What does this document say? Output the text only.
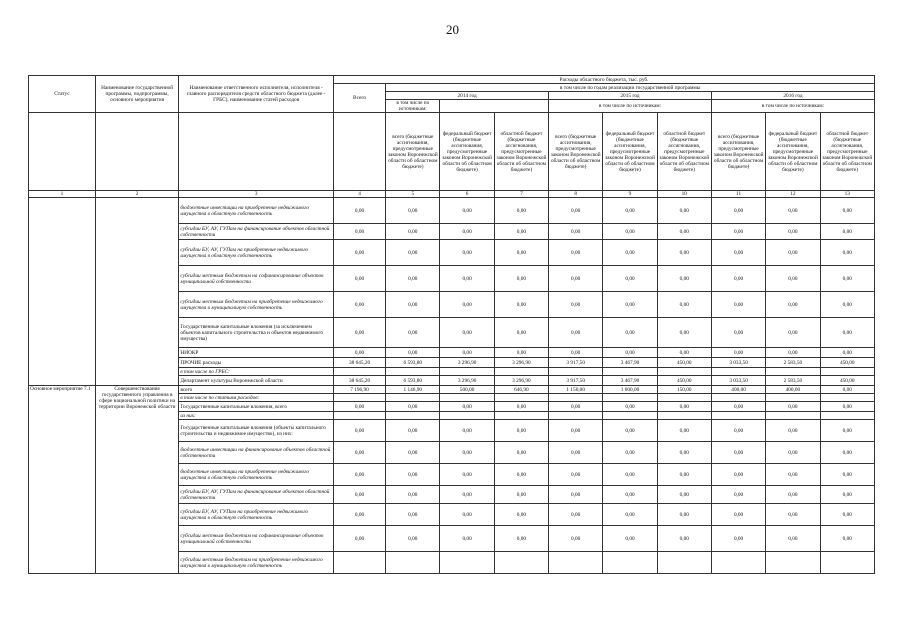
20
Статус	Наименование государственной программы, подпрограммы, основного мероприятия	Наименование ответственного исполнителя, исполнителя - главного распорядителя средств областного бюджета (далее - ГРБС), наименование статей расходов	Расходы областного бюджета, тыс. руб.									
			Всего	в том числе по годам реализации государственной программы								
				2014 год			2015 год			2016 год		
				в том числе по источникам:			в том числе по источникам:			в том числе по источникам:		
				всего (бюджетные ассигнования, предусмотренные законом Воронежской области об областном бюджете)	федеральный бюджет (бюджетные ассигнования, предусмотренные законом Воронежской области об областном бюджете)	областной бюджет (бюджетные ассигнования, предусмотренные законом Воронежской области об областном бюджете)	всего (бюджетные ассигнования, предусмотренные законом Воронежской области об областном бюджете)	федеральный бюджет (бюджетные ассигнования, предусмотренные законом Воронежской области об областном бюджете)	областной бюджет (бюджетные ассигнования, предусмотренные законом Воронежской области об областном бюджете)	всего (бюджетные ассигнования, предусмотренные законом Воронежской области об областном бюджете)	федеральный бюджет (бюджетные ассигнования, предусмотренные законом Воронежской области об областном бюджете)	областной бюджет (бюджетные ассигнования, предусмотренные законом Воронежской области об областном бюджете)
1	2	3	4	5	6	7	8	9	10	11	12	13
		бюджетные инвестиции на приобретение недвижимого имущества в областную собственность	0,00	0,00	0,00	0,00	0,00	0,00	0,00	0,00	0,00	0,00
		субсидии БУ, АУ, ГУПам на финансирование объектов областной собственности	0,00	0,00	0,00	0,00	0,00	0,00	0,00	0,00	0,00	0,00
		субсидии БУ, АУ, ГУПам на приобретение недвижимого имущества в областную собственность	0,00	0,00	0,00	0,00	0,00	0,00	0,00	0,00	0,00	0,00
		субсидии местным бюджетам на софинансирование объектов муниципальной собственности	0,00	0,00	0,00	0,00	0,00	0,00	0,00	0,00	0,00	0,00
		субсидии местным бюджетам на приобретение недвижимого имущества в муниципальную собственность	0,00	0,00	0,00	0,00	0,00	0,00	0,00	0,00	0,00	0,00
		Государственные капитальные вложения (за исключением объектов капитального строительства и объектов недвижимого имущества)	0,00	0,00	0,00	0,00	0,00	0,00	0,00	0,00	0,00	0,00
		НИОКР	0,00	0,00	0,00	0,00	0,00	0,00	0,00	0,00	0,00	0,00
		ПРОЧИЕ расходы	38 645,20	6 593,80	3 296,90	3 296,90	3 917,50	3 467,90	450,00	3 033,50	2 583,50	450,00
		в том числе по ГРБС:										
		Департамент культуры Воронежской области	38 645,20	6 593,80	3 296,90	3 296,90	3 917,50	3 467,90	450,00	3 033,50	2 583,50	450,00
Основное мероприятие 7.1	Совершенствование государственного управления в сфере национальной политики на территории Воронежской области	всего	7 196,90	1 146,90	500,00	646,90	1 150,00	1 000,00	150,00	400,00	400,00	0,00
		в том числе по статьям расходов:										
		Государственные капитальные вложения, всего	0,00	0,00	0,00	0,00	0,00	0,00	0,00	0,00	0,00	0,00
		из них:										
		Государственные капитальные вложения (объекты капитального строительства и недвижимое имущество), из них:	0,00	0,00	0,00	0,00	0,00	0,00	0,00	0,00	0,00	0,00
		бюджетные инвестиции на финансирование объектов областной собственности	0,00	0,00	0,00	0,00	0,00	0,00	0,00	0,00	0,00	0,00
		бюджетные инвестиции на приобретение недвижимого имущества в областную собственность	0,00	0,00	0,00	0,00	0,00	0,00	0,00	0,00	0,00	0,00
		субсидии БУ, АУ, ГУПам на финансирование объектов областной собственности	0,00	0,00	0,00	0,00	0,00	0,00	0,00	0,00	0,00	0,00
		субсидии БУ, АУ, ГУПам на приобретение недвижимого имущества в областную собственность	0,00	0,00	0,00	0,00	0,00	0,00	0,00	0,00	0,00	0,00
		субсидии местным бюджетам на софинансирование объектов муниципальной собственности	0,00	0,00	0,00	0,00	0,00	0,00	0,00	0,00	0,00	0,00
		субсидии местным бюджетам на приобретение недвижимого имущества в муниципальную собственность										
